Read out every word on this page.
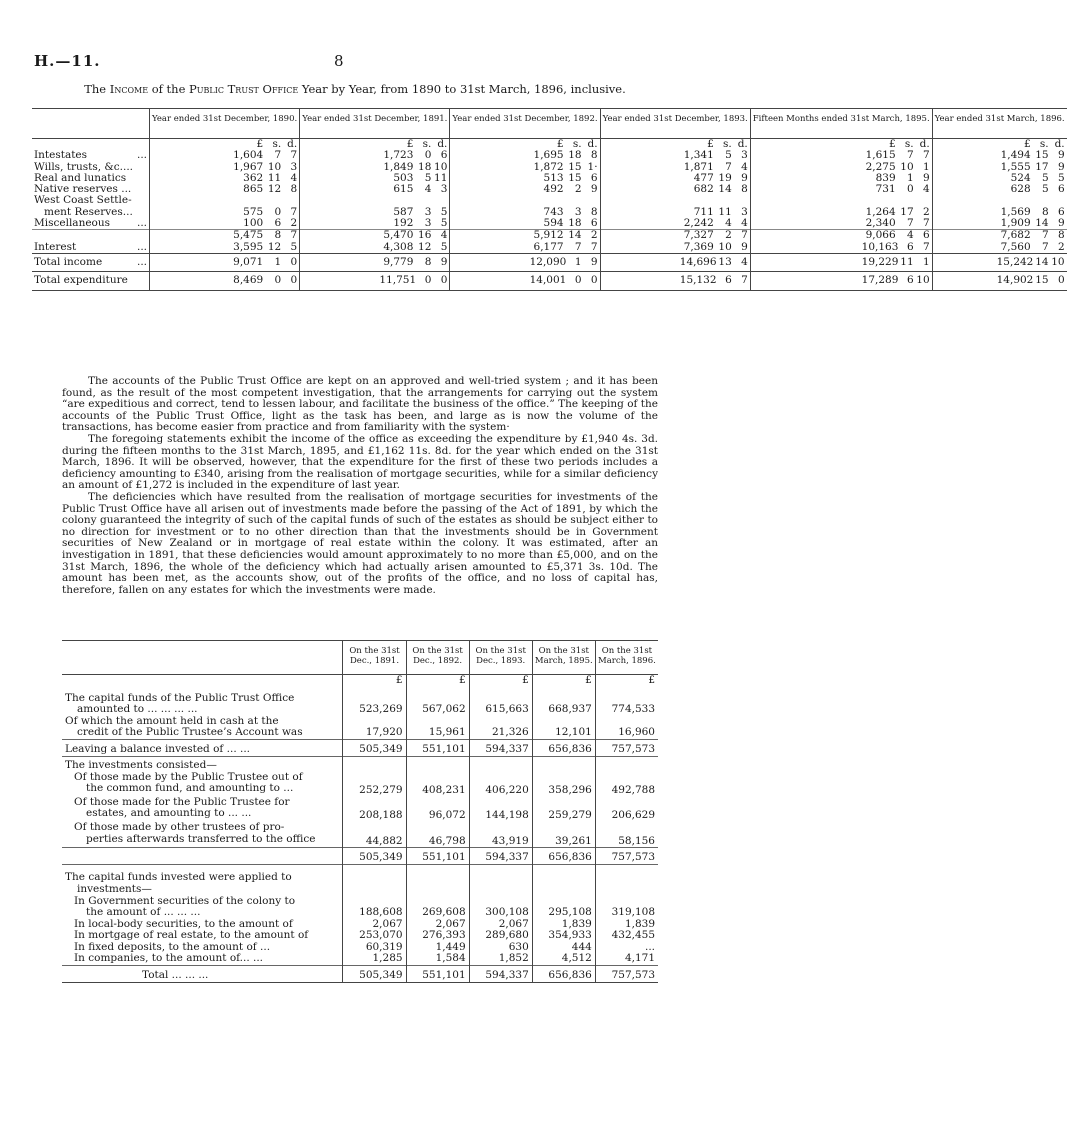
H.—11.	8
The Income of the Public Trust Office Year by Year, from 1890 to 31st March, 1896, inclusive.
		Year ended 31st December, 1890.	Year ended 31st December, 1891.	Year ended 31st December, 1892.	Year ended 31st December, 1893.	Fifteen Months ended 31st March, 1895.	Year ended 31st March, 1896.
		£ s. d.	£ s. d.	£ s. d.	£ s. d.	£ s. d.	£ s. d.
Intestates	...	1,604 7 7	1,723 0 6	1,695 18 8	1,341 5 3	1,615 7 7	1,494 15 9
Wills, trusts, &c....		1,967 10 3	1,849 18 10	1,872 15 1·	1,871 7 4	2,275 10 1	1,555 17 9
Real and lunatics		362 11 4	503 5 11	513 15 6	477 19 9	839 1 9	524 5 5
Native reserves ...		865 12 8	615 4 3	492 2 9	682 14 8	731 0 4	628 5 6
West Coast Settle-							
ment Reserves...		575 0 7	587 3 5	743 3 8	711 11 3	1,264 17 2	1,569 8 6
Miscellaneous	...	100 6 2	192 3 5	594 18 6	2,242 4 4	2,340 7 7	1,909 14 9
		5,475 8 7	5,470 16 4	5,912 14 2	7,327 2 7	9,066 4 6	7,682 7 8
Interest	...	3,595 12 5	4,308 12 5	6,177 7 7	7,369 10 9	10,163 6 7	7,560 7 2
Total income	...	9,071 1 0	9,779 8 9	12,090 1 9	14,696 13 4	19,229 11 1	15,242 14 10
Total expenditure		8,469 0 0	11,751 0 0	14,001 0 0	15,132 6 7	17,289 6 10	14,902 15 0

The accounts of the Public Trust Office are kept on an approved and well-tried system ; and it has been found, as the result of the most competent investigation, that the arrangements for carrying out the system “are expeditious and correct, tend to lessen labour, and facilitate the business of the office.” The keeping of the accounts of the Public Trust Office, light as the task has been, and large as is now the volume of the transactions, has become easier from practice and from familiarity with the system·

The foregoing statements exhibit the income of the office as exceeding the expenditure by £1,940 4s. 3d. during the fifteen months to the 31st March, 1895, and £1,162 11s. 8d. for the year which ended on the 31st March, 1896. It will be observed, however, that the expenditure for the first of these two periods includes a deficiency amounting to £340, arising from the realisation of mortgage securities, while for a similar deficiency an amount of £1,272 is included in the expenditure of last year.

The deficiencies which have resulted from the realisation of mortgage securities for investments of the Public Trust Office have all arisen out of investments made before the passing of the Act of 1891, by which the colony guaranteed the integrity of such of the capital funds of such of the estates as should be subject either to no direction for investment or to no other direction than that the investments should be in Government securities of New Zealand or in mortgage of real estate within the colony. It was estimated, after an investigation in 1891, that these deficiencies would amount approximately to no more than £5,000, and on the 31st March, 1896, the whole of the deficiency which had actually arisen amounted to £5,371 3s. 10d. The amount has been met, as the accounts show, out of the profits of the office, and no loss of capital has, therefore, fallen on any estates for which the investments were made.

	On the 31st Dec., 1891.	On the 31st Dec., 1892.	On the 31st Dec., 1893.	On the 31st March, 1895.	On the 31st March, 1896.
	£	£	£	£	£

The capital funds of the Public Trust Office
amounted to ... ... ... ...	523,269	567,062	615,663	668,937	774,533

Of which the amount held in cash at the
credit of the Public Trustee’s Account was	17,920	15,961	21,326	12,101	16,960

Leaving a balance invested of ... ...	505,349	551,101	594,337	656,836	757,573

The investments consisted—					

Of those made by the Public Trustee out of
the common fund, and amounting to ...	252,279	408,231	406,220	358,296	492,788

Of those made for the Public Trustee for
estates, and amounting to ... ...	208,188	96,072	144,198	259,279	206,629

Of those made by other trustees of pro-
perties afterwards transferred to the office	44,882	46,798	43,919	39,261	58,156
	505,349	551,101	594,337	656,836	757,573

The capital funds invested were applied to
investments—					

In Government securities of the colony to
the amount of ... ... ...	188,608	269,608	300,108	295,108	319,108

In local-body securities, to the amount of	2,067	2,067	2,067	1,839	1,839

In mortgage of real estate, to the amount of	253,070	276,393	289,680	354,933	432,455

In fixed deposits, to the amount of ...	60,319	1,449	630	444	...

In companies, to the amount of... ...	1,285	1,584	1,852	4,512	4,171

Total ... ... ...	505,349	551,101	594,337	656,836	757,573
